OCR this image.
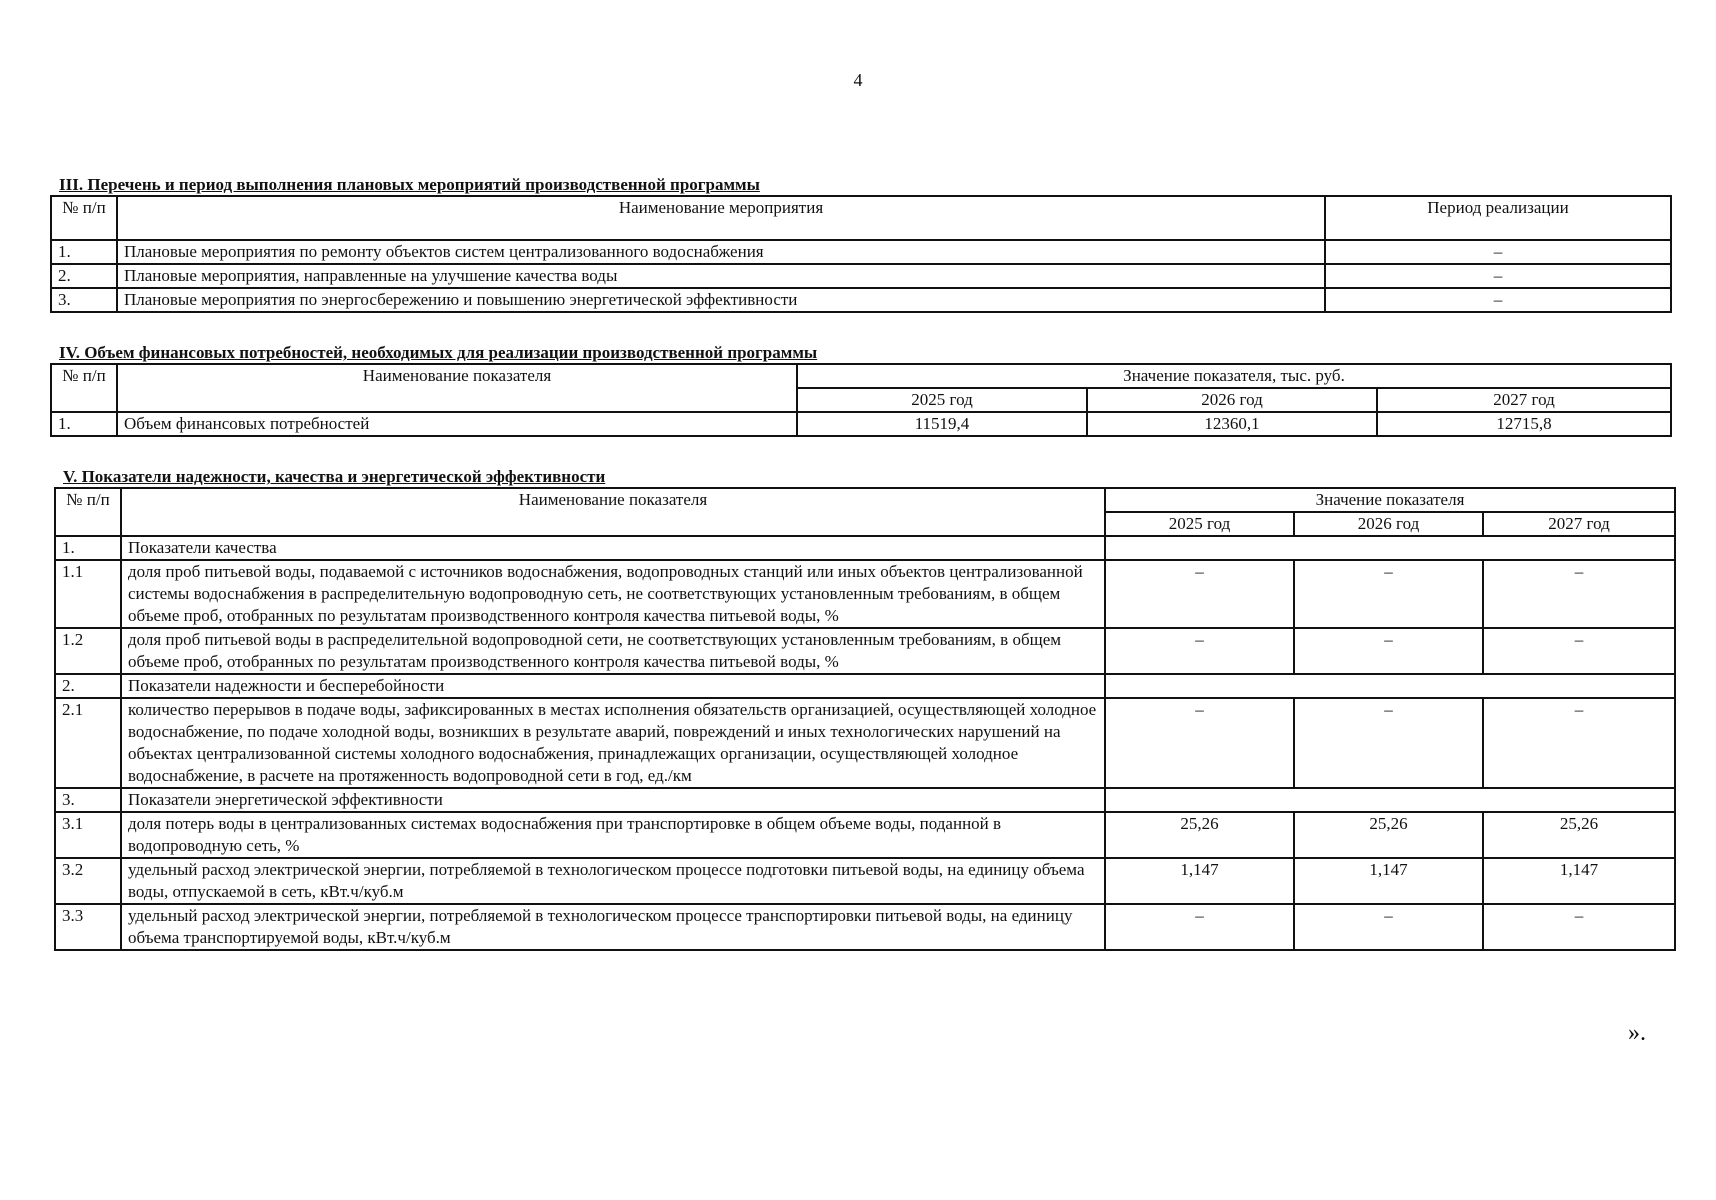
4
III. Перечень и период выполнения плановых мероприятий производственной программы
№ п/п	Наименование мероприятия	Период реализации
1.	Плановые мероприятия по ремонту объектов систем централизованного водоснабжения	–
2.	Плановые мероприятия, направленные на улучшение качества воды	–
3.	Плановые мероприятия по энергосбережению и повышению энергетической эффективности	–
IV. Объем финансовых потребностей, необходимых для реализации производственной программы
№ п/п	Наименование показателя	Значение показателя, тыс. руб.		
		2025 год	2026 год	2027 год
1.	Объем финансовых потребностей	11519,4	12360,1	12715,8
V. Показатели надежности, качества и энергетической эффективности
№ п/п	Наименование показателя	Значение показателя		
		2025 год	2026 год	2027 год
1.	Показатели качества			
1.1	доля проб питьевой воды, подаваемой с источников водоснабжения, водопроводных станций или иных объектов централизованной системы водоснабжения в распределительную водопроводную сеть, не соответствующих установленным требованиям, в общем объеме проб, отобранных по результатам производственного контроля качества питьевой воды, %	–	–	–
1.2	доля проб питьевой воды в распределительной водопроводной сети, не соответствующих установленным требованиям, в общем объеме проб, отобранных по результатам производственного контроля качества питьевой воды, %	–	–	–
2.	Показатели надежности и бесперебойности			
2.1	количество перерывов в подаче воды, зафиксированных в местах исполнения обязательств организацией, осуществляющей холодное водоснабжение, по подаче холодной воды, возникших в результате аварий, повреждений и иных технологических нарушений на объектах централизованной системы холодного водоснабжения, принадлежащих организации, осуществляющей холодное водоснабжение, в расчете на протяженность водопроводной сети в год, ед./км	–	–	–
3.	Показатели энергетической эффективности			
3.1	доля потерь воды в централизованных системах водоснабжения при транспортировке в общем объеме воды, поданной в водопроводную сеть, %	25,26	25,26	25,26
3.2	удельный расход электрической энергии, потребляемой в технологическом процессе подготовки питьевой воды, на единицу объема воды, отпускаемой в сеть, кВт.ч/куб.м	1,147	1,147	1,147
3.3	удельный расход электрической энергии, потребляемой в технологическом процессе транспортировки питьевой воды, на единицу объема транспортируемой воды, кВт.ч/куб.м	–	–	–
».
